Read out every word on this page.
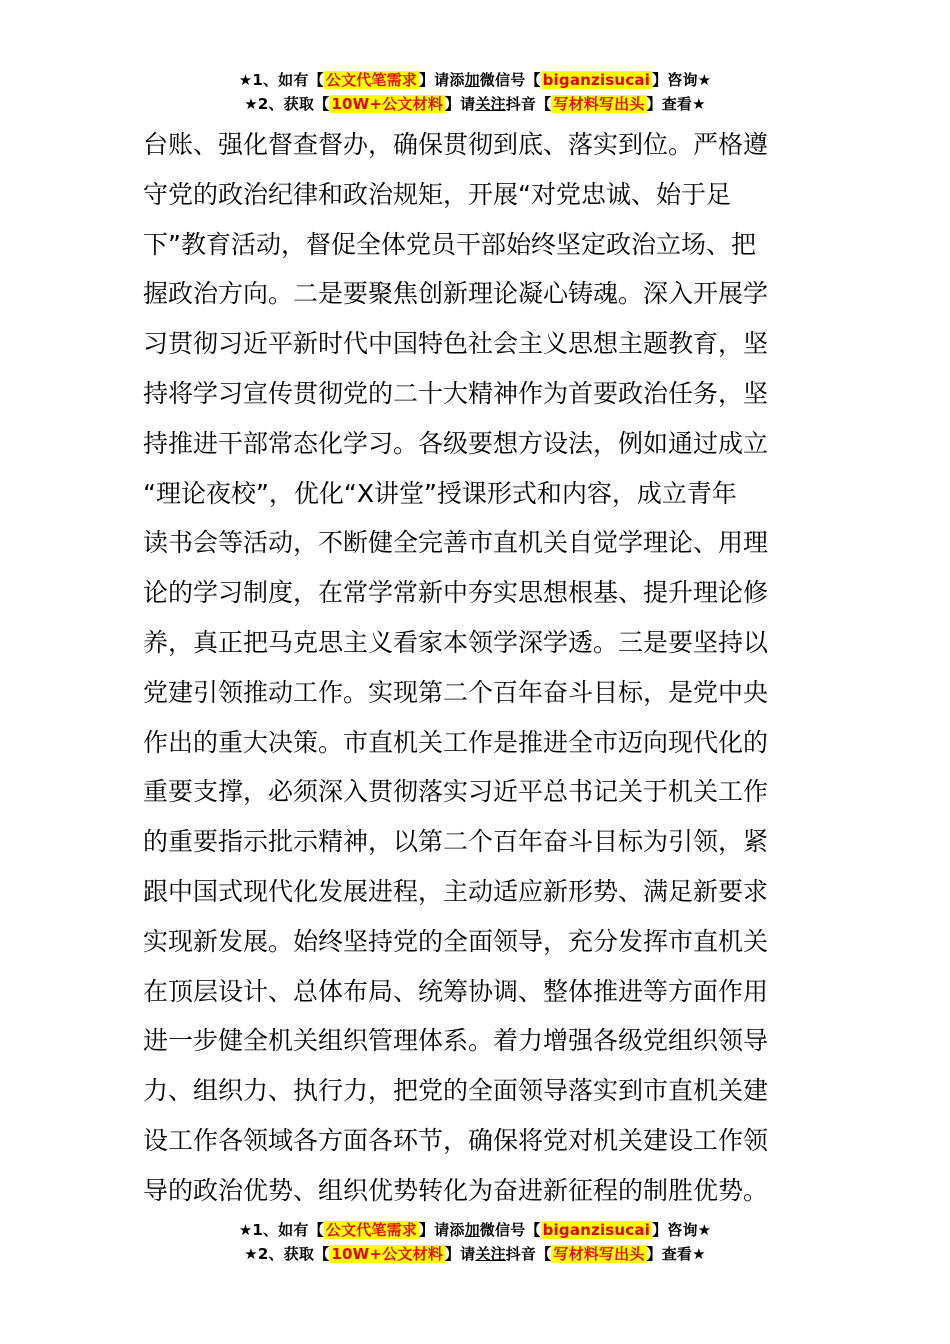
★1、如有【 公文代笔需求 】请添加微信号【 biganzisucai 】咨询★
★2、获取【 10W+公文材料 】请关注抖音【 写材料写出头 】查看★
台账、强化督查督办，确保贯彻到底、落实到位。严格遵
守党的政治纪律和政治规矩，开展“对党忠诚、始于足
下”教育活动，督促全体党员干部始终坚定政治立场、把
握政治方向。二是要聚焦创新理论凝心铸魂。深入开展学
习贯彻习近平新时代中国特色社会主义思想主题教育，坚
持将学习宣传贯彻党的二十大精神作为首要政治任务，坚
持推进干部常态化学习。各级要想方设法，例如通过成立
“理论夜校”，优化“X讲堂”授课形式和内容，成立青年
读书会等活动，不断健全完善市直机关自觉学理论、用理
论的学习制度，在常学常新中夯实思想根基、提升理论修
养，真正把马克思主义看家本领学深学透。三是要坚持以
党建引领推动工作。实现第二个百年奋斗目标，是党中央
作出的重大决策。市直机关工作是推进全市迈向现代化的
重要支撑，必须深入贯彻落实习近平总书记关于机关工作
的重要指示批示精神，以第二个百年奋斗目标为引领，紧
跟中国式现代化发展进程，主动适应新形势、满足新要求
实现新发展。始终坚持党的全面领导，充分发挥市直机关
在顶层设计、总体布局、统筹协调、整体推进等方面作用
进一步健全机关组织管理体系。着力增强各级党组织领导
力、组织力、执行力，把党的全面领导落实到市直机关建
设工作各领域各方面各环节，确保将党对机关建设工作领
导的政治优势、组织优势转化为奋进新征程的制胜优势。
★1、如有【 公文代笔需求 】请添加微信号【 biganzisucai 】咨询★
★2、获取【 10W+公文材料 】请关注抖音【 写材料写出头 】查看★
